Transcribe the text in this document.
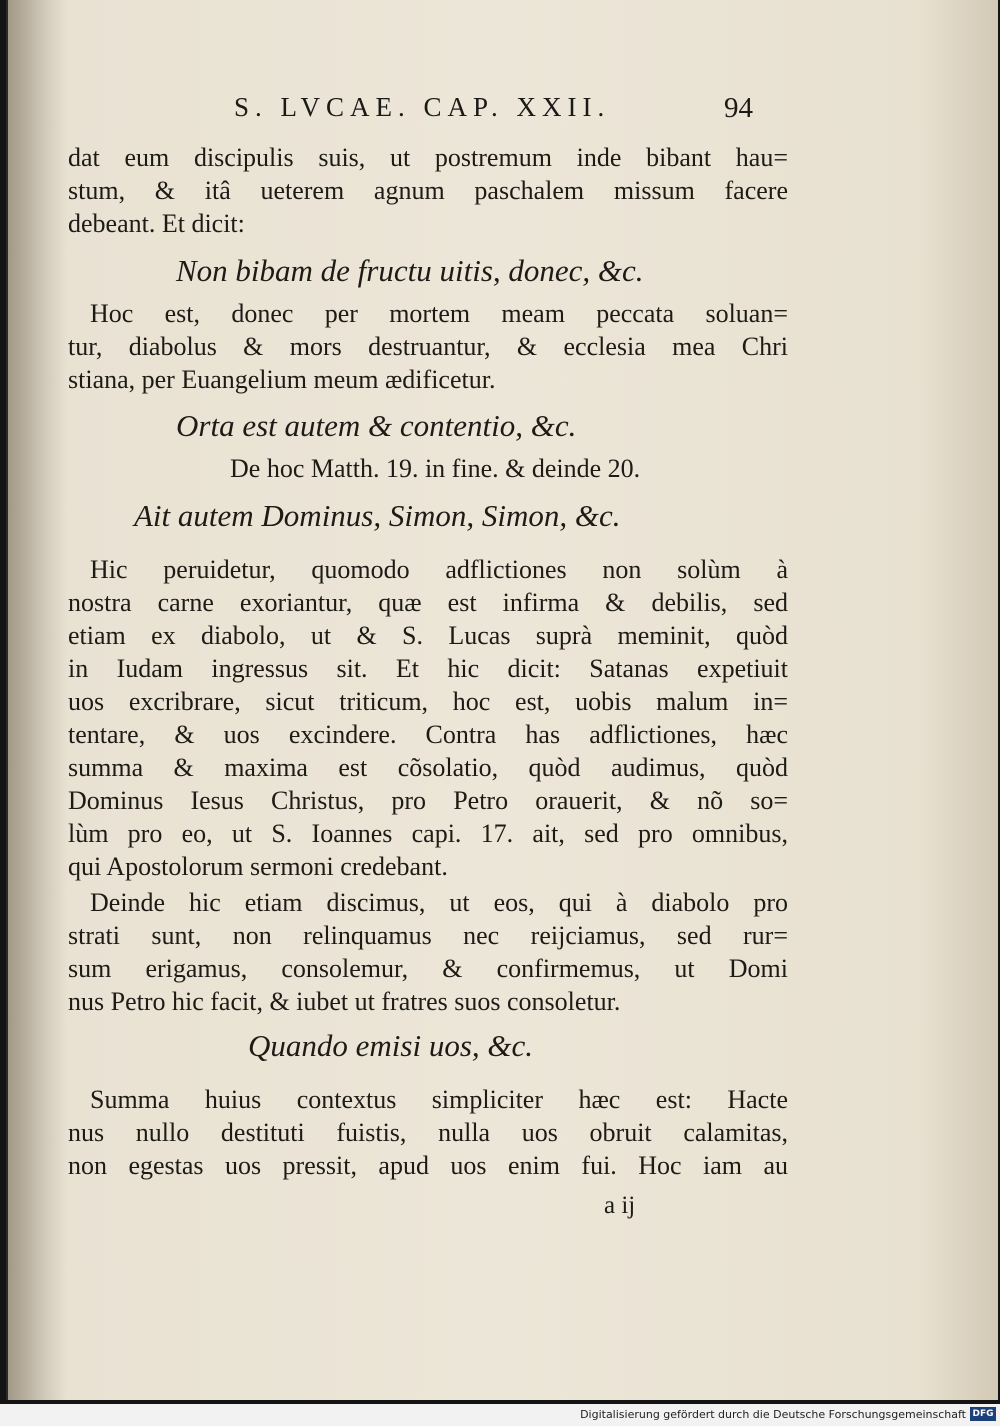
S. LVCAE. CAP. XXII.	94
dat eum discipulis suis, ut postremum inde bibant hau=
stum, & itâ ueterem agnum paschalem missum facere
debeant. Et dicit:
Non bibam de fructu uitis, donec, &c.
Hoc est, donec per mortem meam peccata soluan=
tur, diabolus & mors destruantur, & ecclesia mea Chri
stiana, per Euangelium meum ædificetur.
Orta est autem & contentio, &c.
De hoc Matth. 19. in fine. & deinde 20.
Ait autem Dominus, Simon, Simon, &c.
Hic peruidetur, quomodo adflictiones non solùm à
nostra carne exoriantur, quæ est infirma & debilis, sed
etiam ex diabolo, ut & S. Lucas suprà meminit, quòd
in Iudam ingressus sit. Et hic dicit: Satanas expetiuit
uos excribrare, sicut triticum, hoc est, uobis malum in=
tentare, & uos excindere. Contra has adflictiones, hæc
summa & maxima est cõsolatio, quòd audimus, quòd
Dominus Iesus Christus, pro Petro orauerit, & nõ so=
lùm pro eo, ut S. Ioannes capi. 17. ait, sed pro omnibus,
qui Apostolorum sermoni credebant.
Deinde hic etiam discimus, ut eos, qui à diabolo pro
strati sunt, non relinquamus nec reijciamus, sed rur=
sum erigamus, consolemur, & confirmemus, ut Domi
nus Petro hic facit, & iubet ut fratres suos consoletur.
Quando emisi uos, &c.
Summa huius contextus simpliciter hæc est: Hacte
nus nullo destituti fuistis, nulla uos obruit calamitas,
non egestas uos pressit, apud uos enim fui. Hoc iam au
a ij
Digitalisierung gefördert durch die Deutsche Forschungsgemeinschaft DFG
